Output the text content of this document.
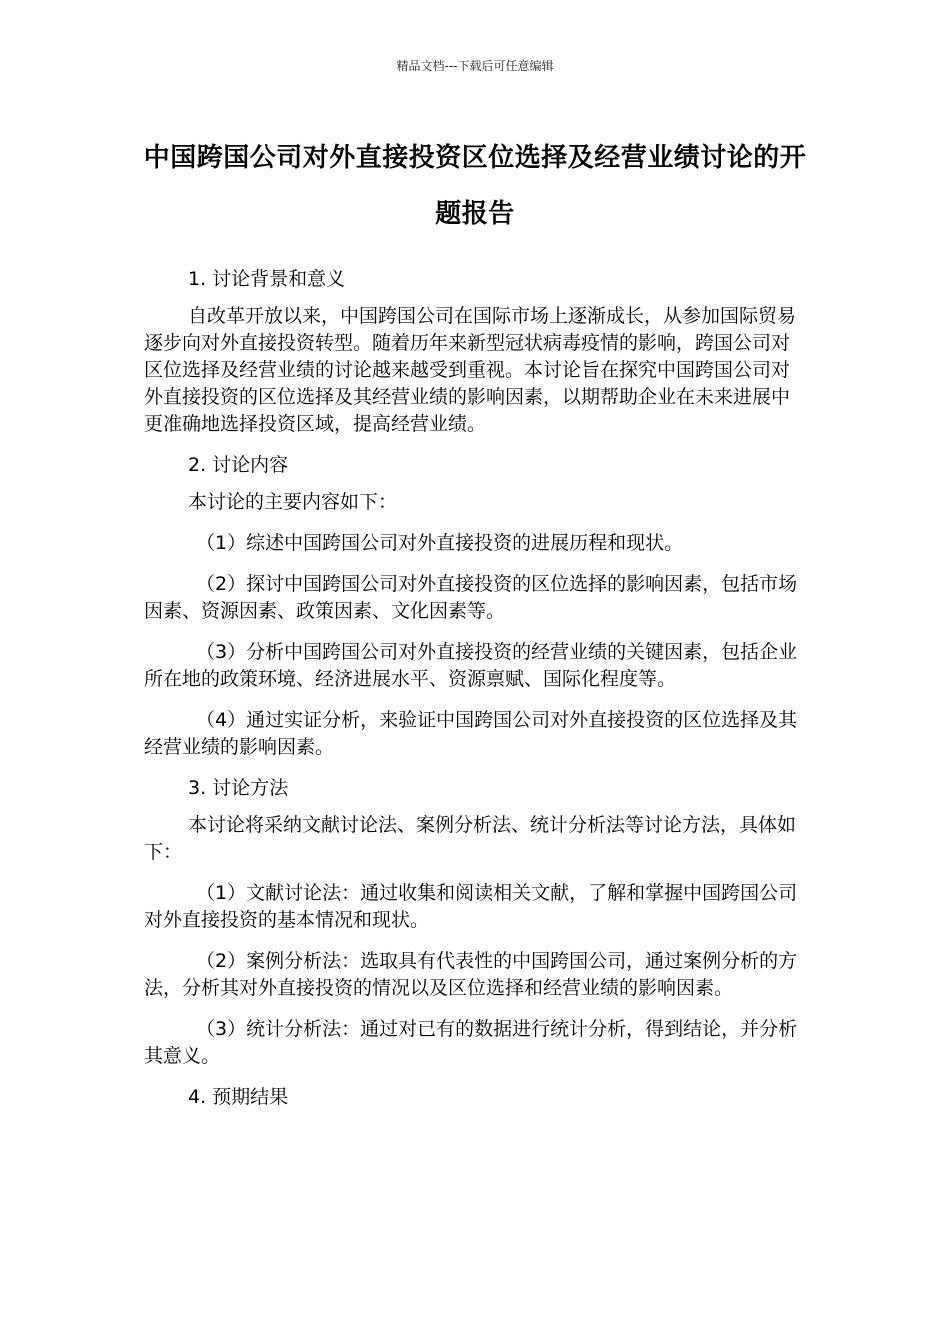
精品文档---下载后可任意编辑
中国跨国公司对外直接投资区位选择及经营业绩讨论的开题报告

1. 讨论背景和意义

自改革开放以来，中国跨国公司在国际市场上逐渐成长，从参加国际贸易逐步向对外直接投资转型。随着历年来新型冠状病毒疫情的影响，跨国公司对区位选择及经营业绩的讨论越来越受到重视。本讨论旨在探究中国跨国公司对外直接投资的区位选择及其经营业绩的影响因素，以期帮助企业在未来进展中更准确地选择投资区域，提高经营业绩。

2. 讨论内容

本讨论的主要内容如下：

（1）综述中国跨国公司对外直接投资的进展历程和现状。

（2）探讨中国跨国公司对外直接投资的区位选择的影响因素，包括市场因素、资源因素、政策因素、文化因素等。

（3）分析中国跨国公司对外直接投资的经营业绩的关键因素，包括企业所在地的政策环境、经济进展水平、资源禀赋、国际化程度等。

（4）通过实证分析，来验证中国跨国公司对外直接投资的区位选择及其经营业绩的影响因素。

3. 讨论方法

本讨论将采纳文献讨论法、案例分析法、统计分析法等讨论方法，具体如下：

（1）文献讨论法：通过收集和阅读相关文献，了解和掌握中国跨国公司对外直接投资的基本情况和现状。

（2）案例分析法：选取具有代表性的中国跨国公司，通过案例分析的方法，分析其对外直接投资的情况以及区位选择和经营业绩的影响因素。

（3）统计分析法：通过对已有的数据进行统计分析，得到结论，并分析其意义。

4. 预期结果
